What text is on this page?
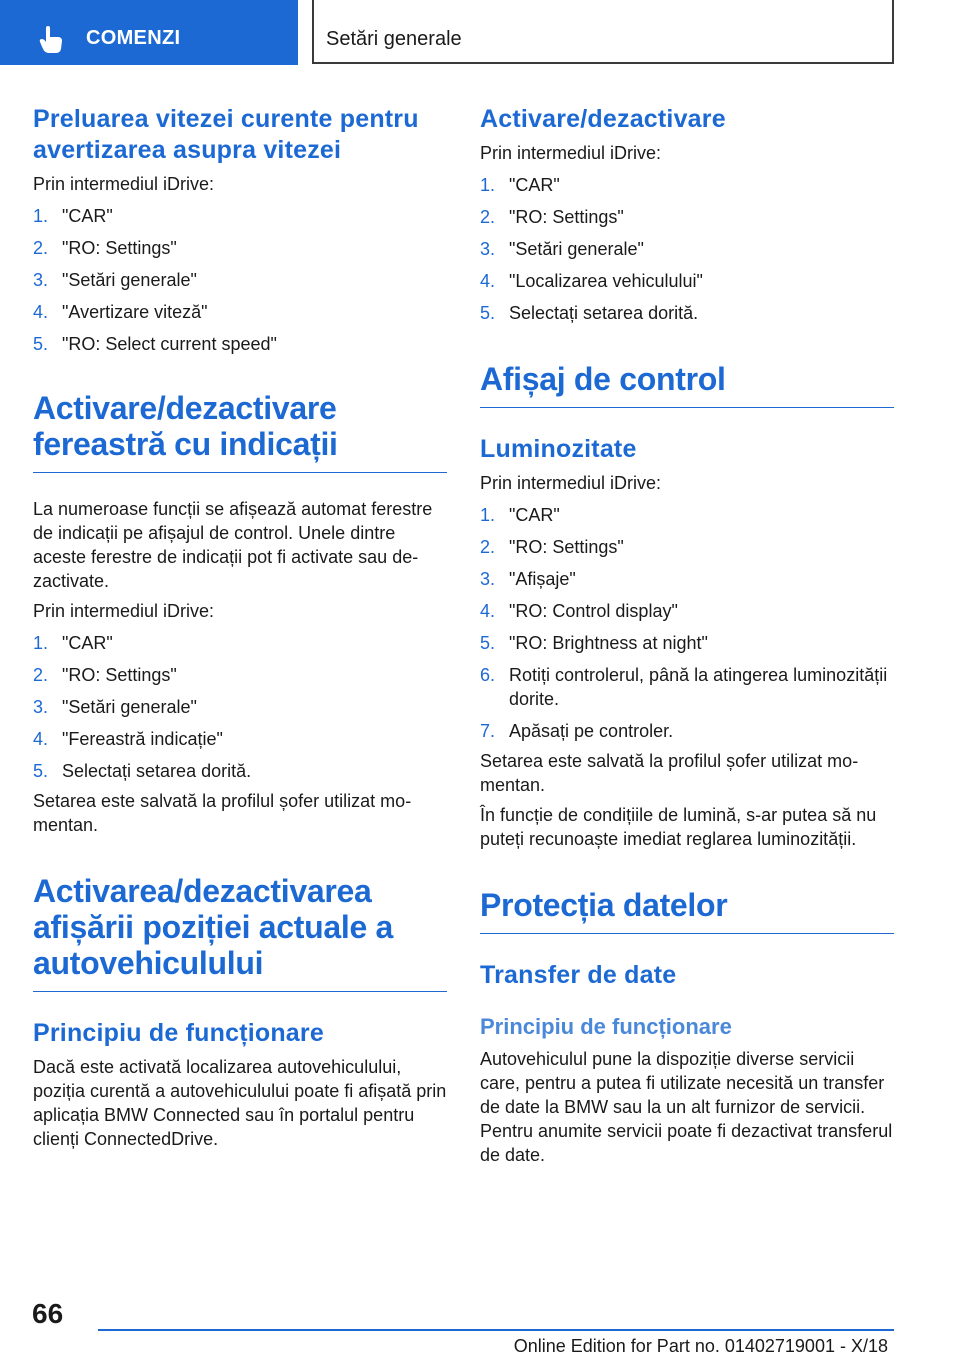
COMENZI	Setări generale
Preluarea vitezei curente pentru avertizarea asupra vitezei

Prin intermediul iDrive:

1. "CAR"
2. "RO: Settings"
3. "Setări generale"
4. "Avertizare viteză"
5. "RO: Select current speed"
Activare/dezactivare fereastră cu indicații

La numeroase funcții se afișează automat ferestre de indicații pe afișajul de control. Unele dintre aceste ferestre de indicații pot fi activate sau dezactivate.

Prin intermediul iDrive:

1. "CAR"
2. "RO: Settings"
3. "Setări generale"
4. "Fereastră indicație"
5. Selectați setarea dorită.

Setarea este salvată la profilul șofer utilizat momentan.

Activarea/dezactivarea afișării poziției actuale a autovehiculului
Principiu de funcționare

Dacă este activată localizarea autovehiculului, poziția curentă a autovehiculului poate fi afișată prin aplicația BMW Connected sau în portalul pentru clienți ConnectedDrive.

Activare/dezactivare

Prin intermediul iDrive:

1. "CAR"
2. "RO: Settings"
3. "Setări generale"
4. "Localizarea vehiculului"
5. Selectați setarea dorită.
Afișaj de control
Luminozitate

Prin intermediul iDrive:

1. "CAR"
2. "RO: Settings"
3. "Afișaje"
4. "RO: Control display"
5. "RO: Brightness at night"
6. Rotiți controlerul, până la atingerea luminozității dorite.
7. Apăsați pe controler.

Setarea este salvată la profilul șofer utilizat momentan.

În funcție de condițiile de lumină, s-ar putea să nu puteți recunoaște imediat reglarea luminozității.

Protecția datelor
Transfer de date
Principiu de funcționare

Autovehiculul pune la dispoziție diverse servicii care, pentru a putea fi utilizate necesită un transfer de date la BMW sau la un alt furnizor de servicii. Pentru anumite servicii poate fi dezactivat transferul de date.

66
Online Edition for Part no. 01402719001 - X/18
